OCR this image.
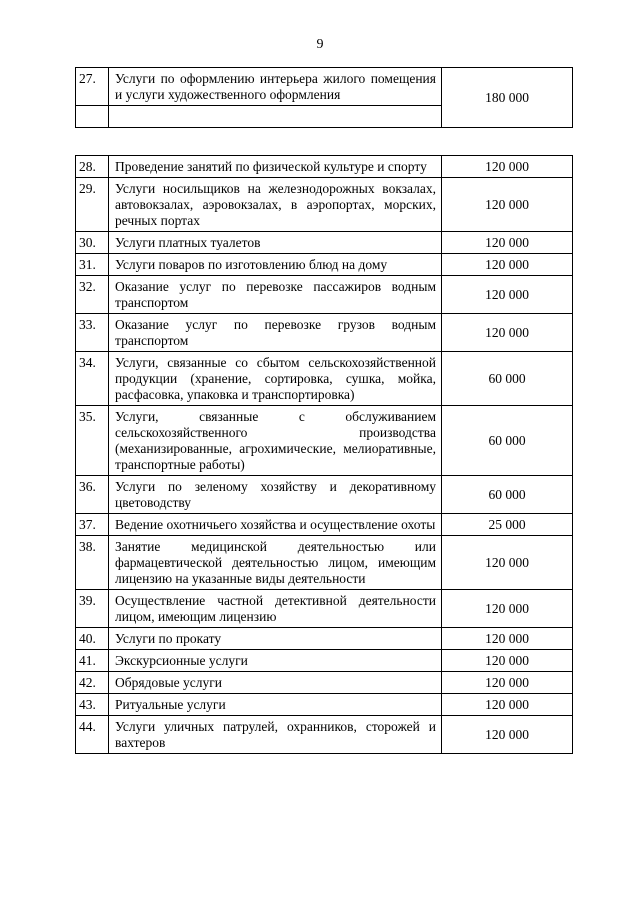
9
27.	Услуги по оформлению интерьера жилого помещения и услуги художественного оформления	180 000

28.	Проведение занятий по физической культуре и спорту	120 000
29.	Услуги носильщиков на железнодорожных вокзалах, автовокзалах, аэровокзалах, в аэропортах, морских, речных портах	120 000
30.	Услуги платных туалетов	120 000
31.	Услуги поваров по изготовлению блюд на дому	120 000
32.	Оказание услуг по перевозке пассажиров водным транспортом	120 000
33.	Оказание услуг по перевозке грузов водным транспортом	120 000
34.	Услуги, связанные со сбытом сельскохозяйственной продукции (хранение, сортировка, сушка, мойка, расфасовка, упаковка и транспортировка)	60 000
35.	Услуги, связанные с обслуживанием сельскохозяйственного производства (механизированные, агрохимические, мелиоративные, транспортные работы)	60 000
36.	Услуги по зеленому хозяйству и декоративному цветоводству	60 000
37.	Ведение охотничьего хозяйства и осуществление охоты	25 000
38.	Занятие медицинской деятельностью или фармацевтической деятельностью лицом, имеющим лицензию на указанные виды деятельности	120 000
39.	Осуществление частной детективной деятельности лицом, имеющим лицензию	120 000
40.	Услуги по прокату	120 000
41.	Экскурсионные услуги	120 000
42.	Обрядовые услуги	120 000
43.	Ритуальные услуги	120 000
44.	Услуги уличных патрулей, охранников, сторожей и вахтеров	120 000
